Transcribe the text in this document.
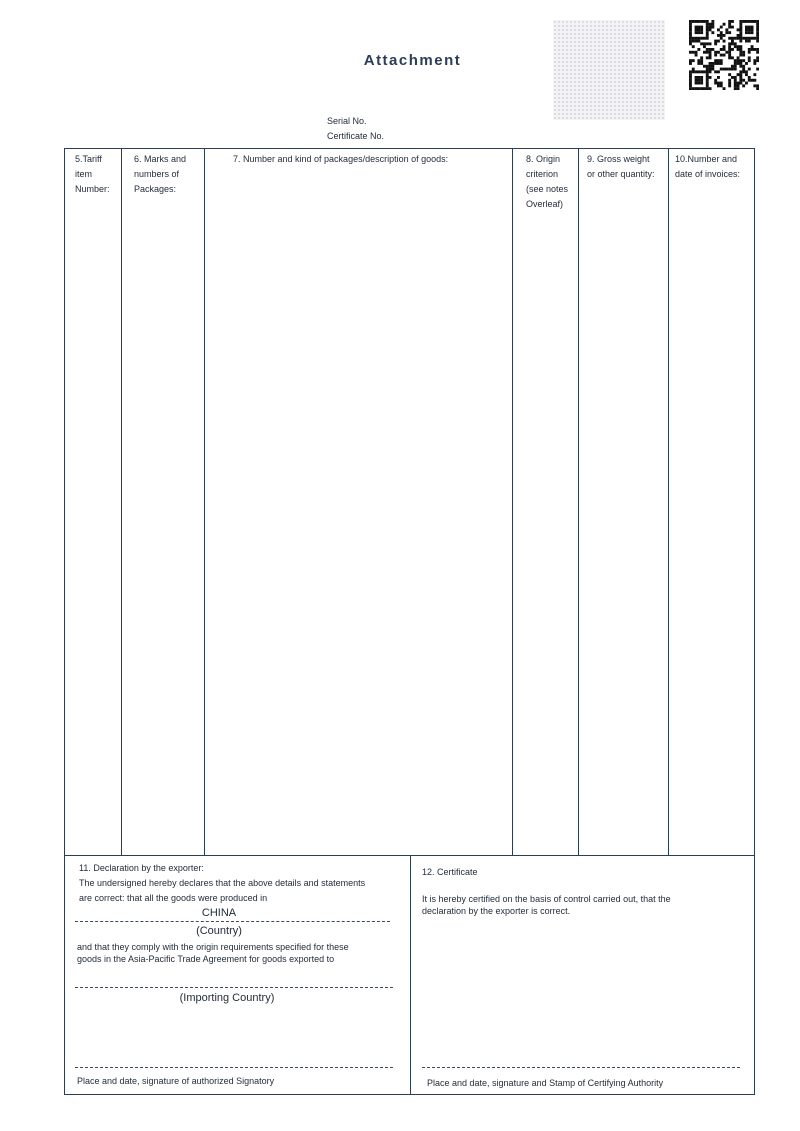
Attachment
Serial No.
Certificate No.
5.Tariff
item
Number:
6. Marks and
numbers of
Packages:
7. Number and kind of packages/description of goods:	8. Origin
criterion
(see notes
Overleaf)
9. Gross weight
or other quantity:
10.Number and
date of invoices:
11. Declaration by the exporter:
The undersigned hereby declares that the above details and statements
are correct: that all the goods were produced in
CHINA
(Country)
and that they comply with the origin requirements specified for these
goods in the Asia-Pacific Trade Agreement for goods exported to
(Importing Country)
Place and date, signature of authorized Signatory
12. Certificate
It is hereby certified on the basis of control carried out, that the
declaration by the exporter is correct.
Place and date, signature and Stamp of Certifying Authority
